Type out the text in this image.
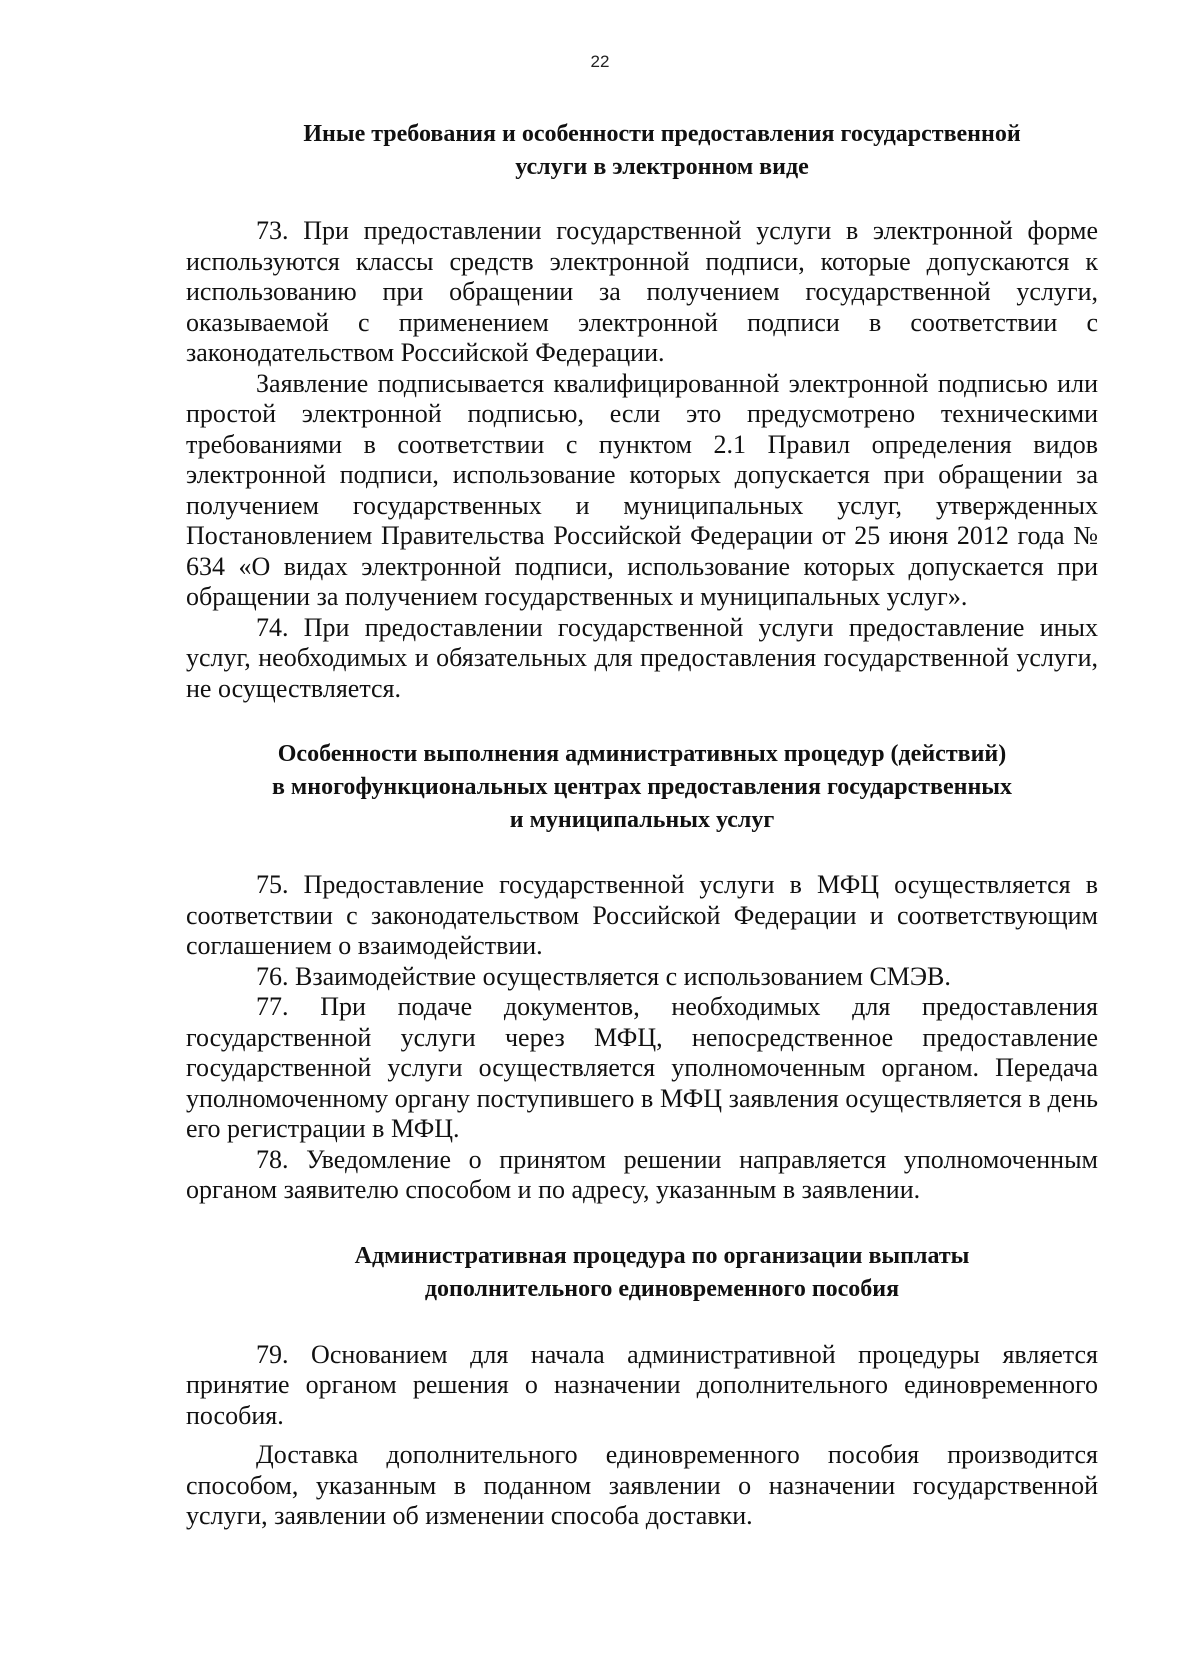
22
Иные требования и особенности предоставления государственной
услуги в электронном виде

73. При предоставлении государственной услуги в электронной форме используются классы средств электронной подписи, которые допускаются к использованию при обращении за получением государственной услуги, оказываемой с применением электронной подписи в соответствии с законодательством Российской Федерации.

Заявление подписывается квалифицированной электронной подписью или простой электронной подписью, если это предусмотрено техническими требованиями в соответствии с пунктом 2.1 Правил определения видов электронной подписи, использование которых допускается при обращении за получением государственных и муниципальных услуг, утвержденных Постановлением Правительства Российской Федерации от 25 июня 2012 года № 634 «О видах электронной подписи, использование которых допускается при обращении за получением государственных и муниципальных услуг».

74. При предоставлении государственной услуги предоставление иных услуг, необходимых и обязательных для предоставления государственной услуги, не осуществляется.

Особенности выполнения административных процедур (действий)
в многофункциональных центрах предоставления государственных
и муниципальных услуг

75. Предоставление государственной услуги в МФЦ осуществляется в соответствии с законодательством Российской Федерации и соответствующим соглашением о взаимодействии.

76. Взаимодействие осуществляется с использованием СМЭВ.

77. При подаче документов, необходимых для предоставления государственной услуги через МФЦ, непосредственное предоставление государственной услуги осуществляется уполномоченным органом. Передача уполномоченному органу поступившего в МФЦ заявления осуществляется в день его регистрации в МФЦ.

78. Уведомление о принятом решении направляется уполномоченным органом заявителю способом и по адресу, указанным в заявлении.

Административная процедура по организации выплаты
дополнительного единовременного пособия

79. Основанием для начала административной процедуры является принятие органом решения о назначении дополнительного единовременного пособия.

Доставка дополнительного единовременного пособия производится способом, указанным в поданном заявлении о назначении государственной услуги, заявлении об изменении способа доставки.
